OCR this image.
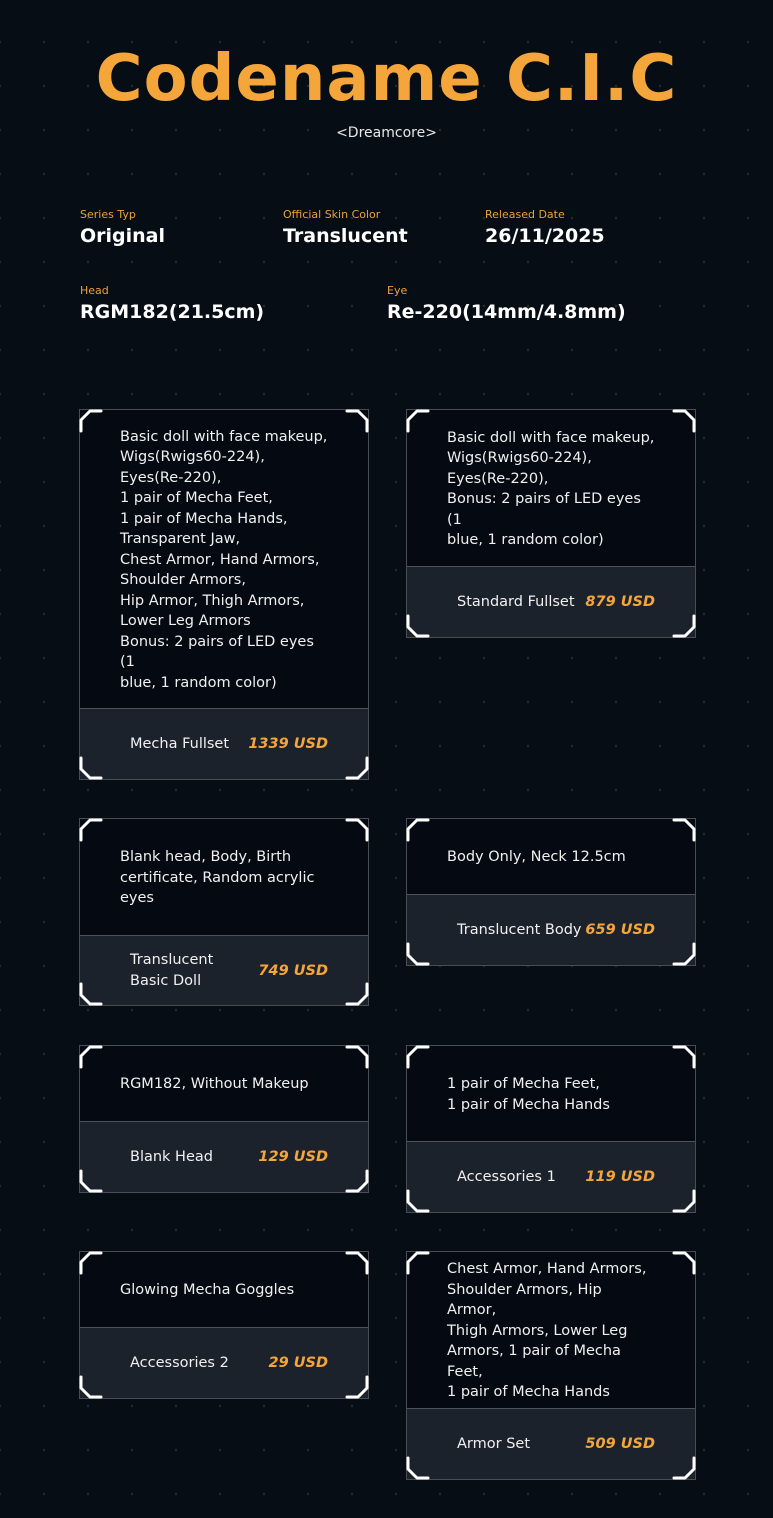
Codename C.I.C
<Dreamcore>
Series Typ
Original
Official Skin Color
Translucent
Released Date
26/11/2025
Head
RGM182(21.5cm)
Eye
Re-220(14mm/4.8mm)
Basic doll with face makeup,
Wigs(Rwigs60-224),
Eyes(Re-220),
1 pair of Mecha Feet,
1 pair of Mecha Hands,
Transparent Jaw,
Chest Armor, Hand Armors,
Shoulder Armors,
Hip Armor, Thigh Armors,
Lower Leg Armors
Bonus: 2 pairs of LED eyes (1
blue, 1 random color)
Mecha Fullset	1339 USD
Basic doll with face makeup,
Wigs(Rwigs60-224),
Eyes(Re-220),
Bonus: 2 pairs of LED eyes (1
blue, 1 random color)
Standard Fullset 879 USD
Blank head, Body, Birth
certificate, Random acrylic
eyes
Translucent
Basic Doll
749 USD
Body Only, Neck 12.5cm
Translucent Body 659 USD
RGM182, Without Makeup
Blank Head	129 USD
1 pair of Mecha Feet,
1 pair of Mecha Hands
Accessories 1	119 USD
Glowing Mecha Goggles
Accessories 2	29 USD
Chest Armor, Hand Armors,
Shoulder Armors, Hip Armor,
Thigh Armors, Lower Leg
Armors, 1 pair of Mecha Feet,
1 pair of Mecha Hands
Armor Set	509 USD
